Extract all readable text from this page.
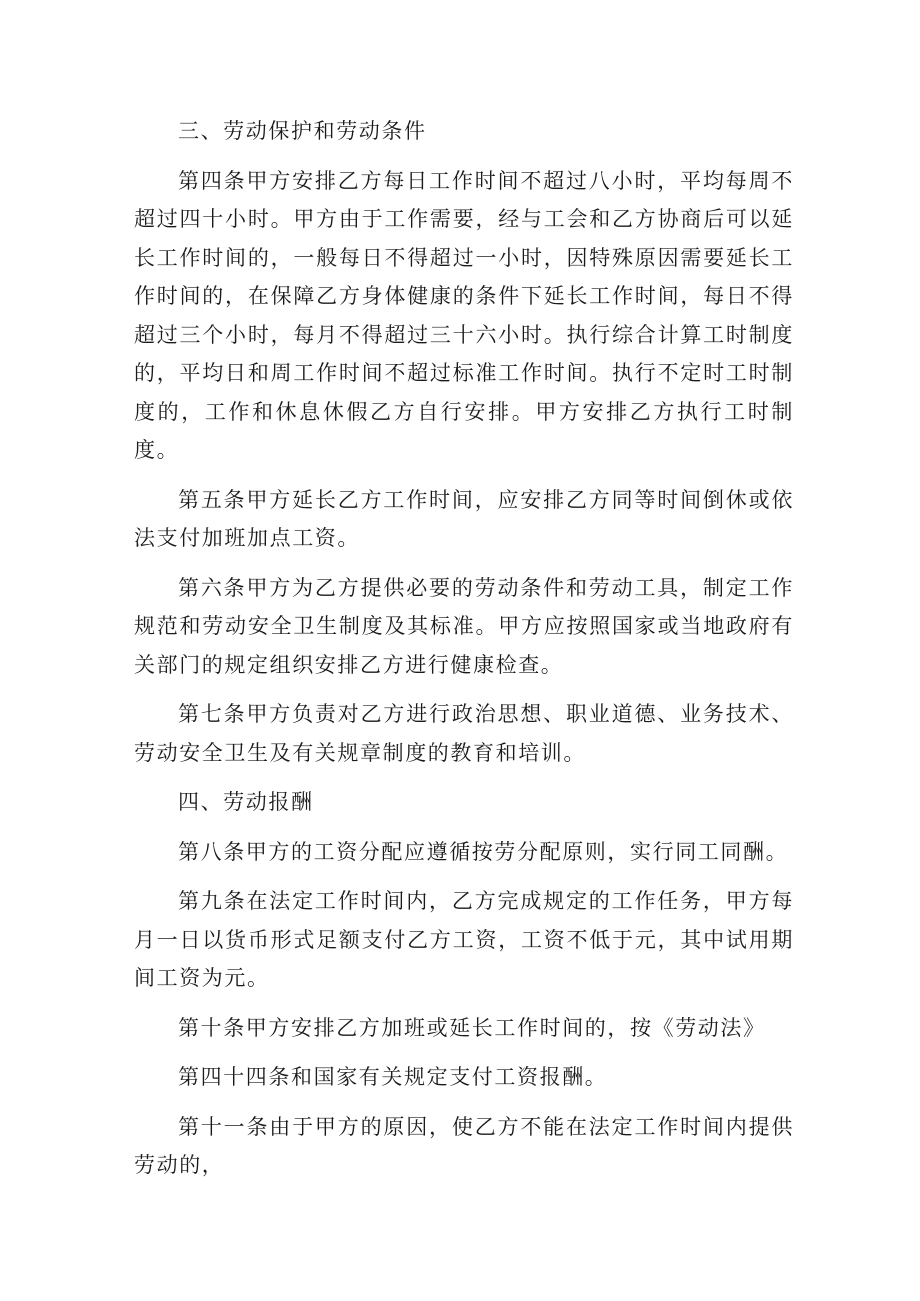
三、劳动保护和劳动条件

第四条甲方安排乙方每日工作时间不超过八小时，平均每周不超过四十小时。甲方由于工作需要，经与工会和乙方协商后可以延长工作时间的，一般每日不得超过一小时，因特殊原因需要延长工作时间的，在保障乙方身体健康的条件下延长工作时间，每日不得超过三个小时，每月不得超过三十六小时。执行综合计算工时制度的，平均日和周工作时间不超过标准工作时间。执行不定时工时制度的，工作和休息休假乙方自行安排。甲方安排乙方执行工时制度。

第五条甲方延长乙方工作时间，应安排乙方同等时间倒休或依法支付加班加点工资。

第六条甲方为乙方提供必要的劳动条件和劳动工具，制定工作规范和劳动安全卫生制度及其标准。甲方应按照国家或当地政府有关部门的规定组织安排乙方进行健康检查。

第七条甲方负责对乙方进行政治思想、职业道德、业务技术、劳动安全卫生及有关规章制度的教育和培训。

四、劳动报酬

第八条甲方的工资分配应遵循按劳分配原则，实行同工同酬。

第九条在法定工作时间内，乙方完成规定的工作任务，甲方每月一日以货币形式足额支付乙方工资，工资不低于元，其中试用期间工资为元。

第十条甲方安排乙方加班或延长工作时间的，按《劳动法》

第四十四条和国家有关规定支付工资报酬。

第十一条由于甲方的原因，使乙方不能在法定工作时间内提供劳动的，
